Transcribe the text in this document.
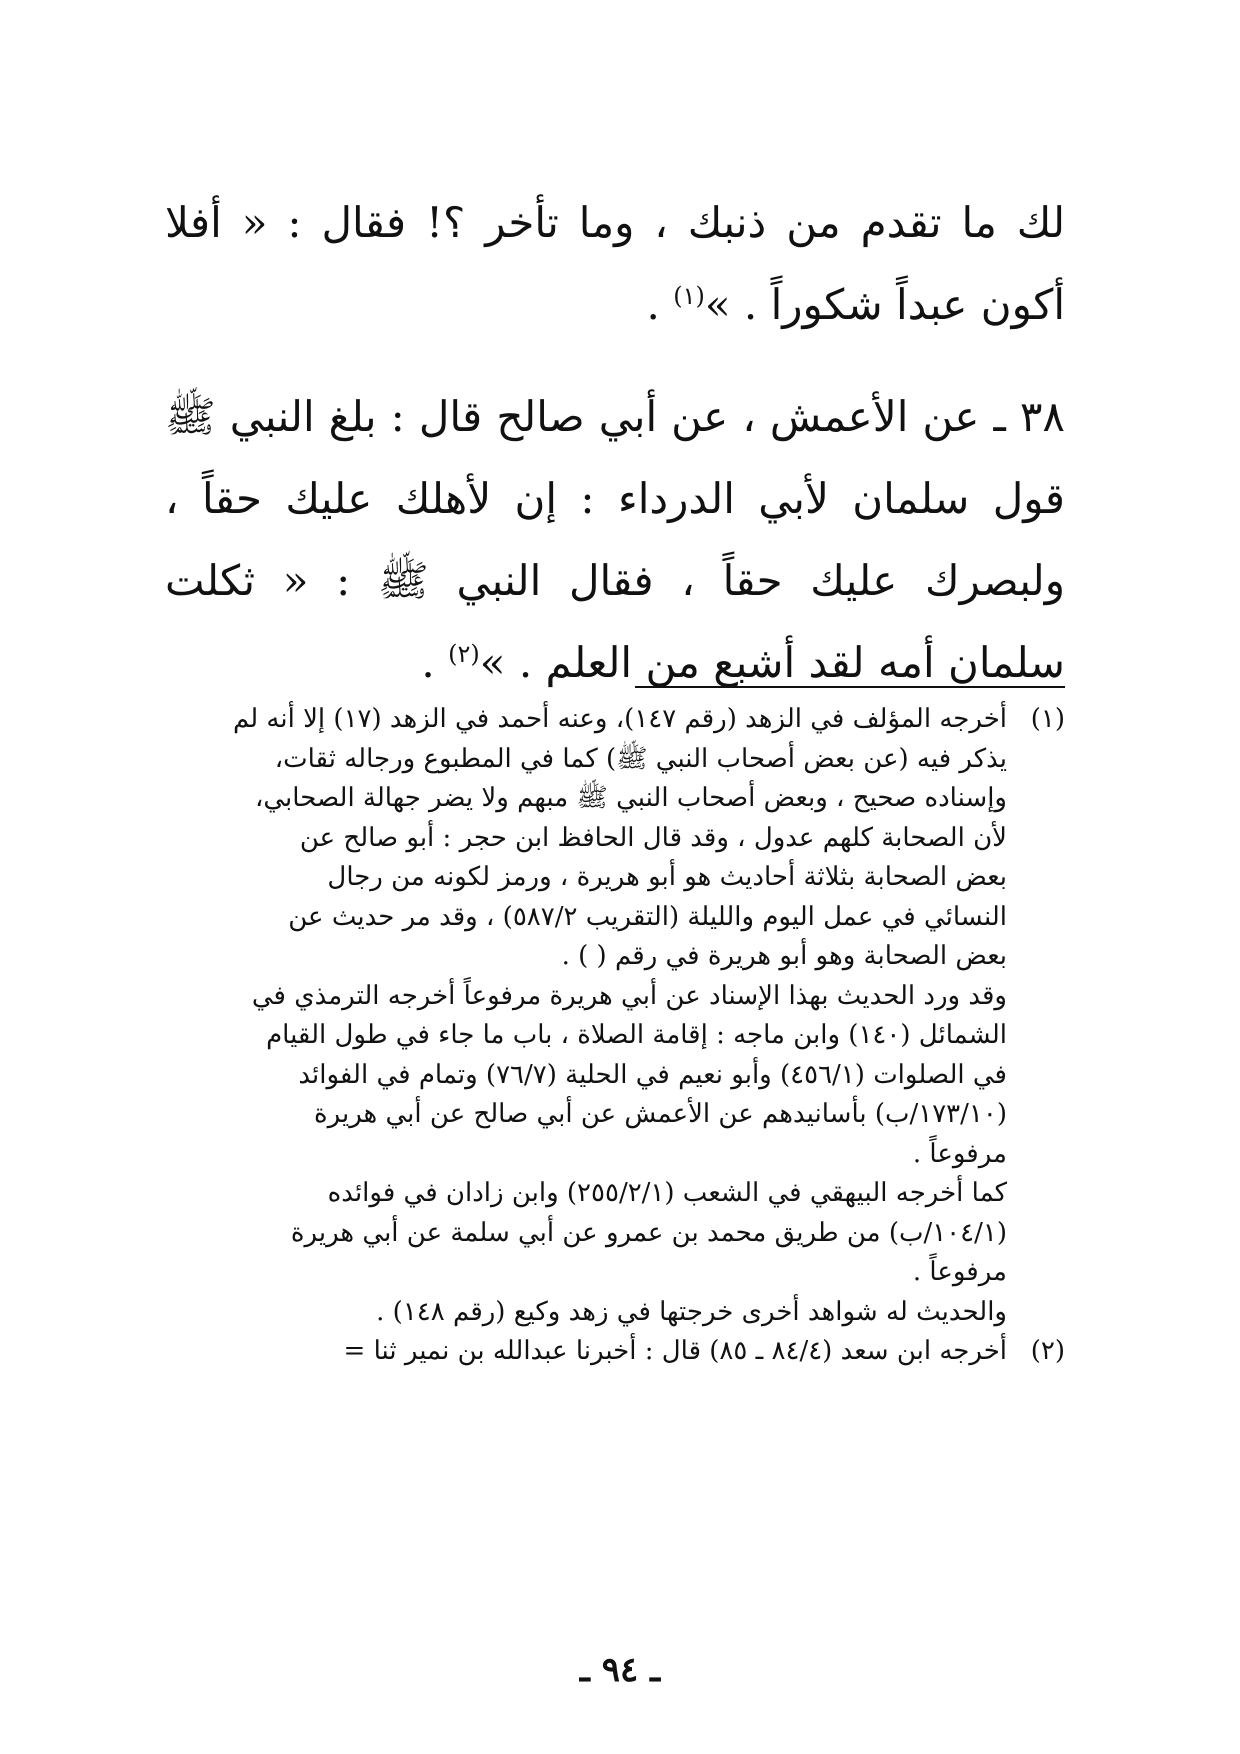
لك ما تقدم من ذنبك ، وما تأخر ؟! فقال : « أفلا أكون عبداً شكوراً . »$^{(١)}$ .

٣٨ ـ عن الأعمش ، عن أبي صالح قال : بلغ النبي ﷺ قول سلمان لأبي الدرداء : إن لأهلك عليك حقاً ، ولبصرك عليك حقاً ، فقال النبي ﷺ : « ثكلت سلمان أمه لقد أشبع من العلم . »$^{(٢)}$ .

(١)
أخرجه المؤلف في الزهد (رقم ١٤٧)، وعنه أحمد في الزهد (١٧) إلا أنه لم
يذكر فيه (عن بعض أصحاب النبي ﷺ) كما في المطبوع ورجاله ثقات،
وإسناده صحيح ، وبعض أصحاب النبي ﷺ مبهم ولا يضر جهالة الصحابي،
لأن الصحابة كلهم عدول ، وقد قال الحافظ ابن حجر : أبو صالح عن
بعض الصحابة بثلاثة أحاديث هو أبو هريرة ، ورمز لكونه من رجال
النسائي في عمل اليوم والليلة (التقريب ٥٨٧/٢) ، وقد مر حديث عن
بعض الصحابة وهو أبو هريرة في رقم ( ) .
وقد ورد الحديث بهذا الإسناد عن أبي هريرة مرفوعاً أخرجه الترمذي في
الشمائل (١٤٠) وابن ماجه : إقامة الصلاة ، باب ما جاء في طول القيام
في الصلوات (٤٥٦/١) وأبو نعيم في الحلية (٧٦/٧) وتمام في الفوائد
(١٧٣/١٠/ب) بأسانيدهم عن الأعمش عن أبي صالح عن أبي هريرة
مرفوعاً .
كما أخرجه البيهقي في الشعب (٢٥٥/٢/١) وابن زادان في فوائده
(١٠٤/١/ب) من طريق محمد بن عمرو عن أبي سلمة عن أبي هريرة
مرفوعاً .
والحديث له شواهد أخرى خرجتها في زهد وكيع (رقم ١٤٨) .
(٢)
أخرجه ابن سعد (٨٤/٤ ـ ٨٥) قال : أخبرنا عبدالله بن نمير ثنا =
ـ ٩٤ ـ
